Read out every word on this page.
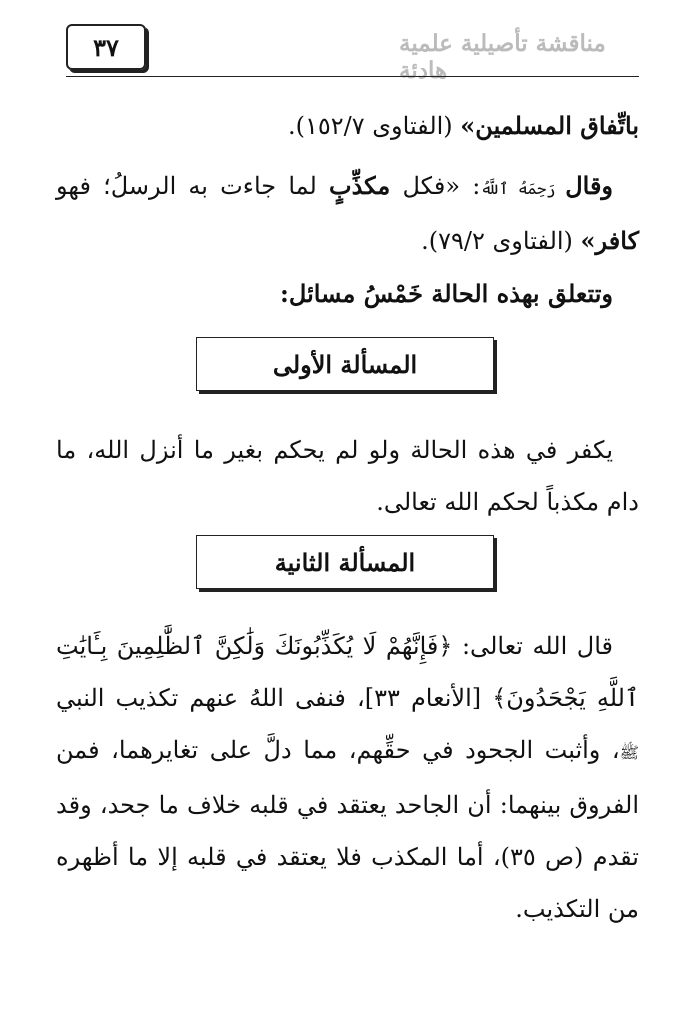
٣٧	مناقشة تأصيلية علمية هادئة
باتِّفاق المسلمين» (الفتاوى ١٥٢/٧).
وقال رَحِمَهُ ٱللَّهُ: «فكل مكذِّبٍ لما جاءت به الرسلُ؛ فهو كافر» (الفتاوى ٧٩/٢).
وتتعلق بهذه الحالة خَمْسُ مسائل:
المسألة الأولى
يكفر في هذه الحالة ولو لم يحكم بغير ما أنزل الله، ما دام مكذباً لحكم الله تعالى.
المسألة الثانية
قال الله تعالى: ﴿فَإِنَّهُمْ لَا يُكَذِّبُونَكَ وَلَٰكِنَّ ٱلظَّٰلِمِينَ بِـَٔايَٰتِ ٱللَّهِ يَجْحَدُونَ﴾ [الأنعام ٣٣]، فنفى اللهُ عنهم تكذيب النبي ﷺ، وأثبت الجحود في حقِّهم، مما دلَّ على تغايرهما، فمن الفروق بينهما: أن الجاحد يعتقد في قلبه خلاف ما جحد، وقد تقدم (ص ٣٥)، أما المكذب فلا يعتقد في قلبه إلا ما أظهره من التكذيب.
